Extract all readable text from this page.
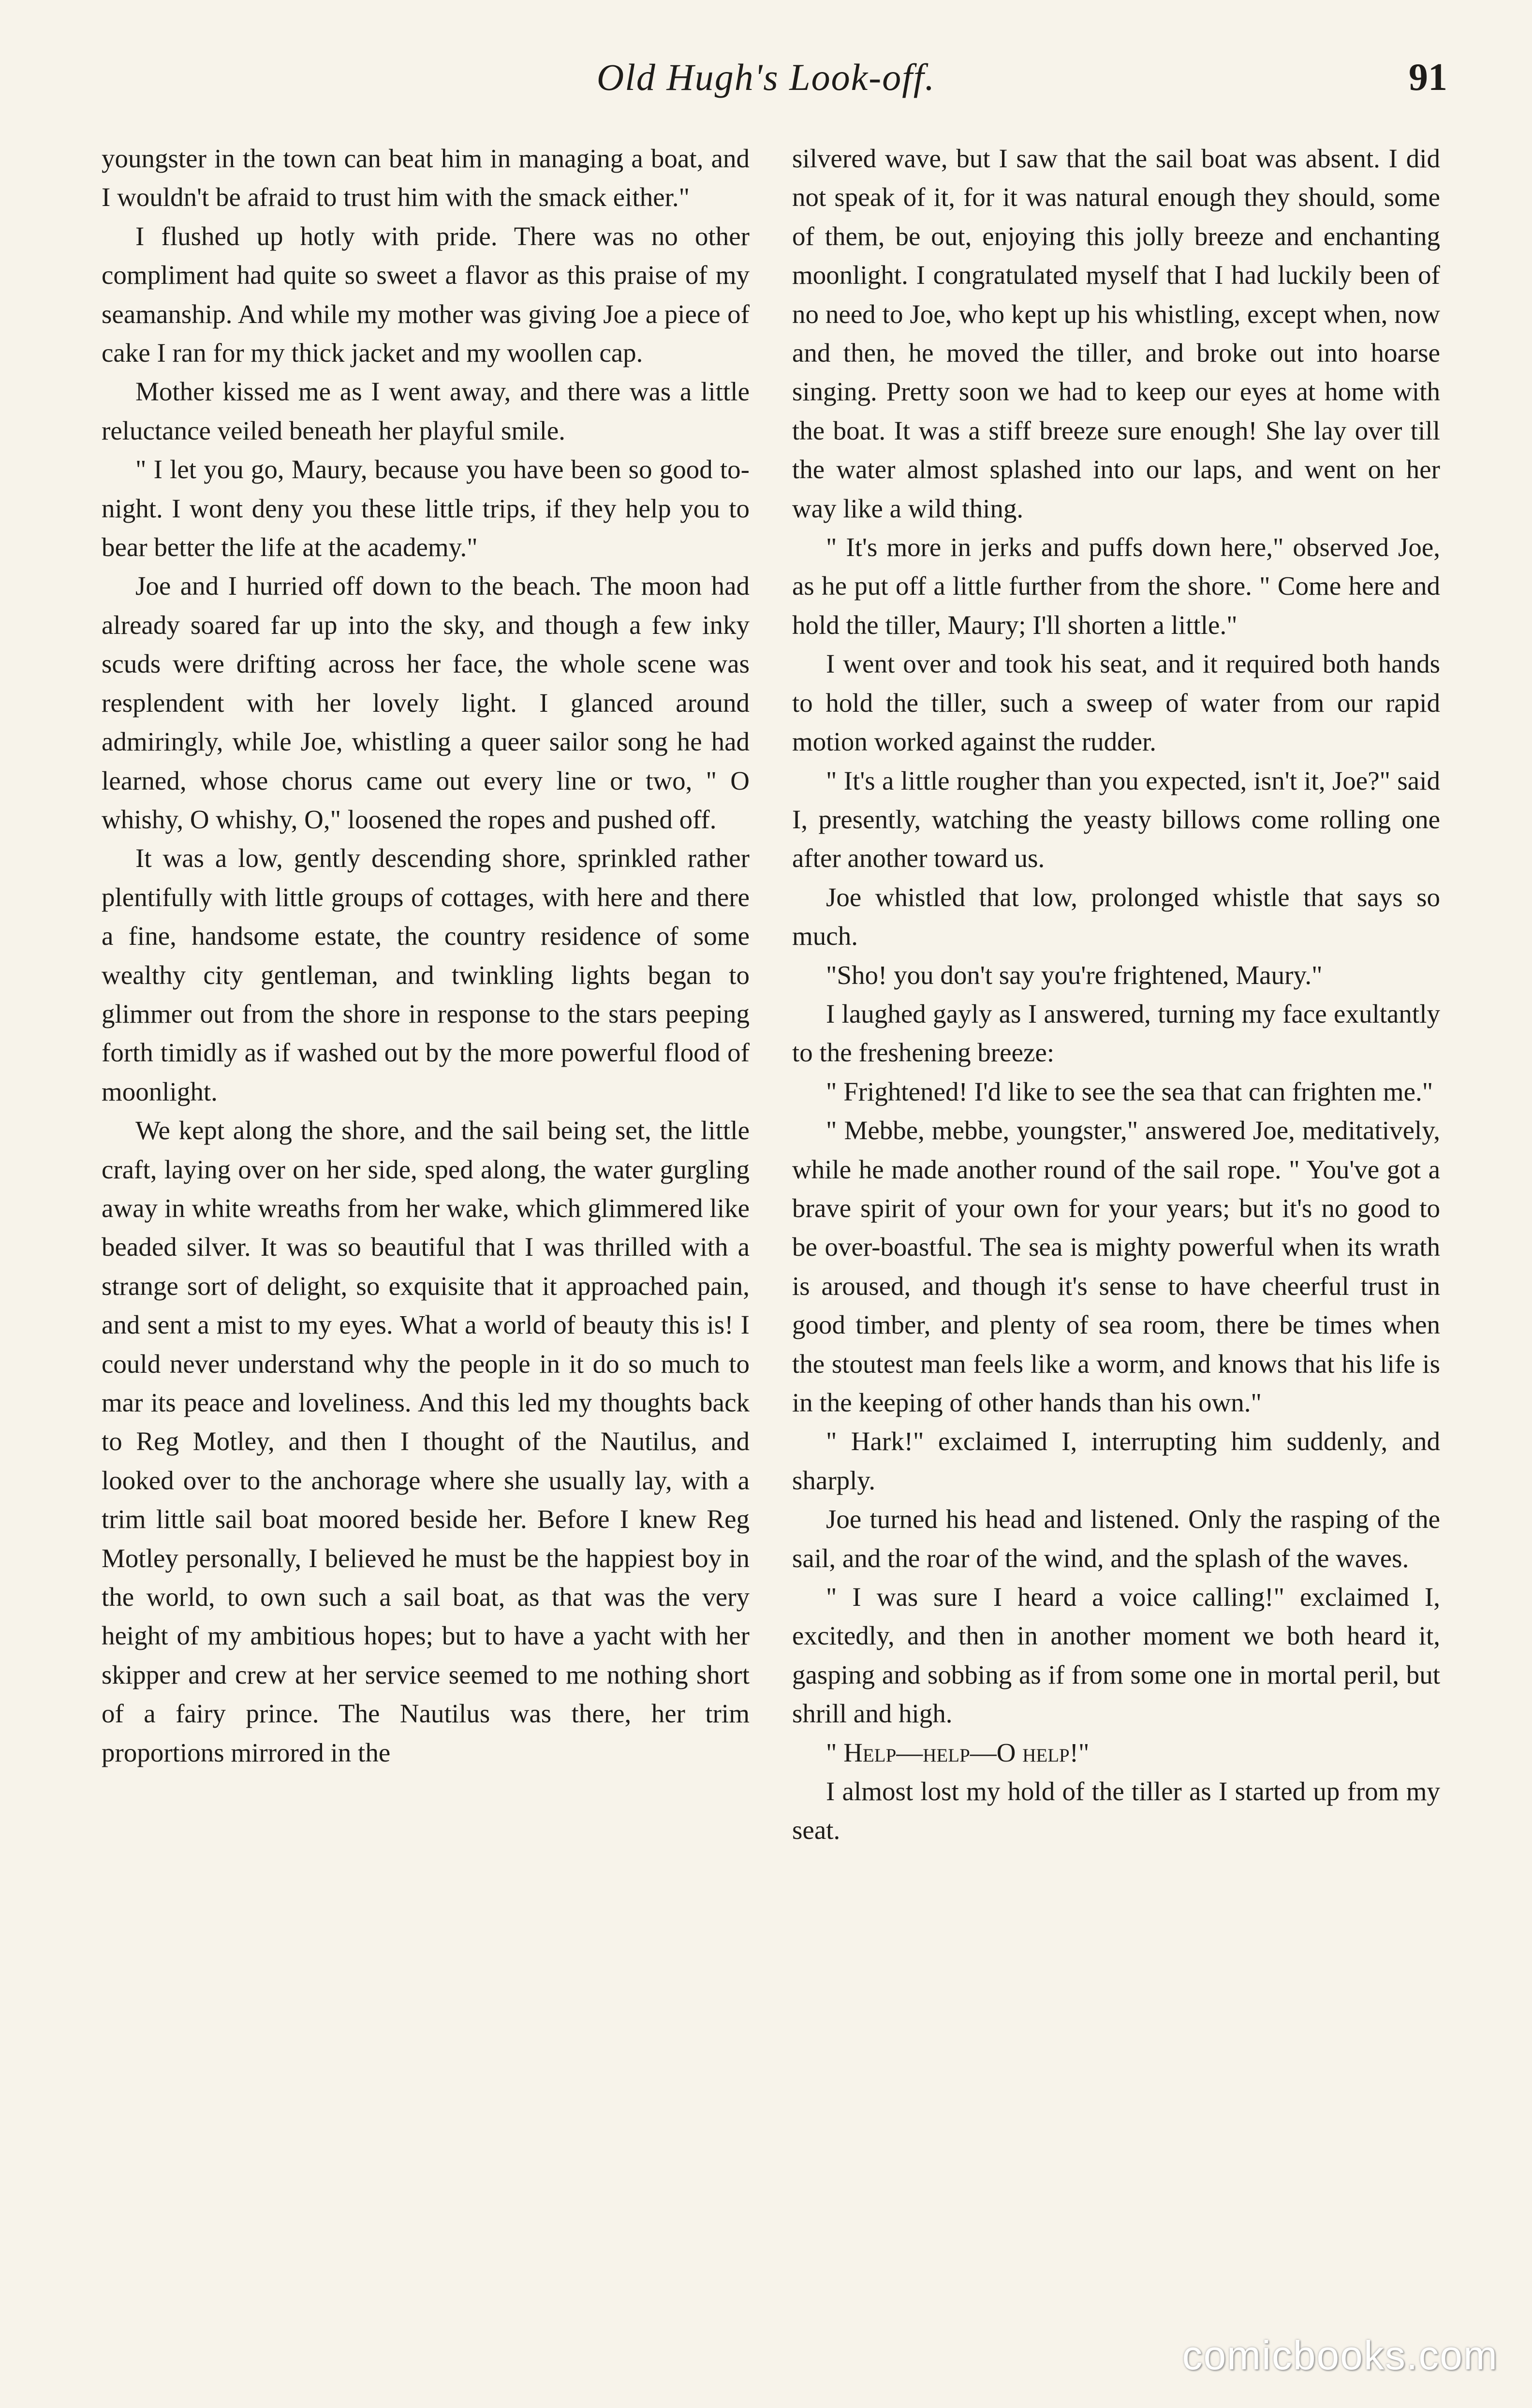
Old Hugh's Look-off.	91

youngster in the town can beat him in managing a boat, and I wouldn't be afraid to trust him with the smack either."

I flushed up hotly with pride. There was no other compliment had quite so sweet a flavor as this praise of my seamanship. And while my mother was giving Joe a piece of cake I ran for my thick jacket and my woollen cap.

Mother kissed me as I went away, and there was a little reluctance veiled beneath her playful smile.

" I let you go, Maury, because you have been so good to-night. I wont deny you these little trips, if they help you to bear better the life at the academy."

Joe and I hurried off down to the beach. The moon had already soared far up into the sky, and though a few inky scuds were drifting across her face, the whole scene was resplendent with her lovely light. I glanced around admiringly, while Joe, whistling a queer sailor song he had learned, whose chorus came out every line or two, " O whishy, O whishy, O," loosened the ropes and pushed off.

It was a low, gently descending shore, sprinkled rather plentifully with little groups of cottages, with here and there a fine, handsome estate, the country residence of some wealthy city gentleman, and twinkling lights began to glimmer out from the shore in response to the stars peeping forth timidly as if washed out by the more powerful flood of moonlight.

We kept along the shore, and the sail being set, the little craft, laying over on her side, sped along, the water gurgling away in white wreaths from her wake, which glimmered like beaded silver. It was so beautiful that I was thrilled with a strange sort of delight, so exquisite that it approached pain, and sent a mist to my eyes. What a world of beauty this is! I could never understand why the people in it do so much to mar its peace and loveliness. And this led my thoughts back to Reg Motley, and then I thought of the Nautilus, and looked over to the anchorage where she usually lay, with a trim little sail boat moored beside her. Before I knew Reg Motley personally, I believed he must be the happiest boy in the world, to own such a sail boat, as that was the very height of my ambitious hopes; but to have a yacht with her skipper and crew at her service seemed to me nothing short of a fairy prince. The Nautilus was there, her trim proportions mirrored in the

silvered wave, but I saw that the sail boat was absent. I did not speak of it, for it was natural enough they should, some of them, be out, enjoying this jolly breeze and enchanting moonlight. I congratulated myself that I had luckily been of no need to Joe, who kept up his whistling, except when, now and then, he moved the tiller, and broke out into hoarse singing. Pretty soon we had to keep our eyes at home with the boat. It was a stiff breeze sure enough! She lay over till the water almost splashed into our laps, and went on her way like a wild thing.

" It's more in jerks and puffs down here," observed Joe, as he put off a little further from the shore. " Come here and hold the tiller, Maury; I'll shorten a little."

I went over and took his seat, and it required both hands to hold the tiller, such a sweep of water from our rapid motion worked against the rudder.

" It's a little rougher than you expected, isn't it, Joe?" said I, presently, watching the yeasty billows come rolling one after another toward us.

Joe whistled that low, prolonged whistle that says so much.

"Sho! you don't say you're frightened, Maury."

I laughed gayly as I answered, turning my face exultantly to the freshening breeze:

" Frightened! I'd like to see the sea that can frighten me."

" Mebbe, mebbe, youngster," answered Joe, meditatively, while he made another round of the sail rope. " You've got a brave spirit of your own for your years; but it's no good to be over-boastful. The sea is mighty powerful when its wrath is aroused, and though it's sense to have cheerful trust in good timber, and plenty of sea room, there be times when the stoutest man feels like a worm, and knows that his life is in the keeping of other hands than his own."

" Hark!" exclaimed I, interrupting him suddenly, and sharply.

Joe turned his head and listened. Only the rasping of the sail, and the roar of the wind, and the splash of the waves.

" I was sure I heard a voice calling!" exclaimed I, excitedly, and then in another moment we both heard it, gasping and sobbing as if from some one in mortal peril, but shrill and high.

" Help—help—O help!"

I almost lost my hold of the tiller as I started up from my seat.

comicbooks.com
